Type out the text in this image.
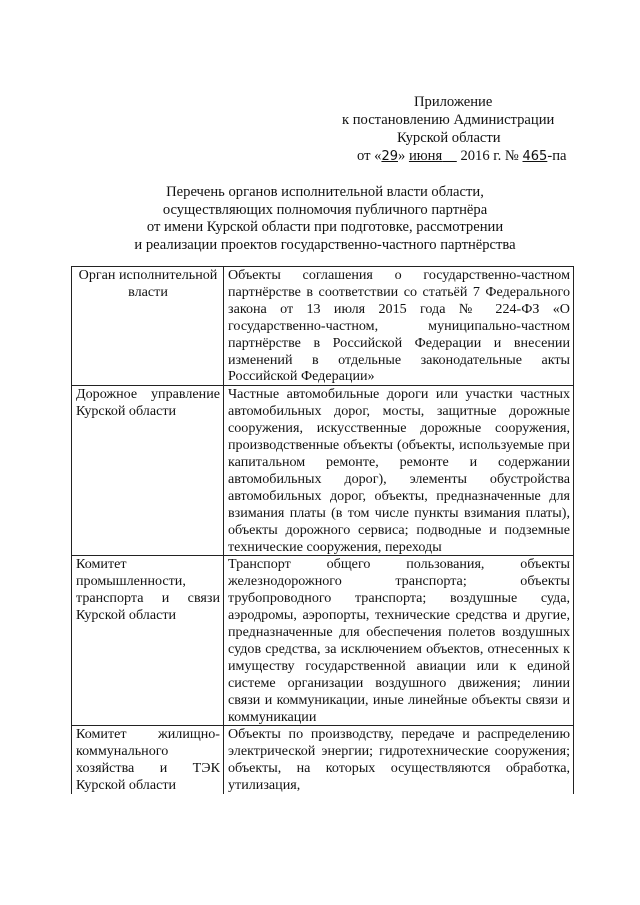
Приложение
к постановлению Администрации
Курской области
от «29» июня 2016 г. № 465-па
Перечень органов исполнительной власти области,
осуществляющих полномочия публичного партнёра
от имени Курской области при подготовке, рассмотрении
и реализации проектов государственно-частного партнёрства
Орган исполнительной власти	Объекты соглашения о государственно-частном партнёрстве в соответствии со статьёй 7 Федерального закона от 13 июля 2015 года № 224-ФЗ «О государственно-частном, муниципально-частном партнёрстве в Российской Федерации и внесении изменений в отдельные законодательные акты Российской Федерации»
Дорожное управление Курской области	Частные автомобильные дороги или участки частных автомобильных дорог, мосты, защитные дорожные сооружения, искусственные дорожные сооружения, производственные объекты (объекты, используемые при капитальном ремонте, ремонте и содержании автомобильных дорог), элементы обустройства автомобильных дорог, объекты, предназначенные для взимания платы (в том числе пункты взимания платы), объекты дорожного сервиса; подводные и подземные технические сооружения, переходы
Комитет промышленности, транспорта и связи Курской области	Транспорт общего пользования, объекты железнодорожного транспорта; объекты трубопроводного транспорта; воздушные суда, аэродромы, аэропорты, технические средства и другие, предназначенные для обеспечения полетов воздушных судов средства, за исключением объектов, отнесенных к имуществу государственной авиации или к единой системе организации воздушного движения; линии связи и коммуникации, иные линейные объекты связи и коммуникации
Комитет жилищно-коммунального хозяйства и ТЭК Курской области	Объекты по производству, передаче и распределению электрической энергии; гидротехнические сооружения; объекты, на которых осуществляются обработка, утилизация,
